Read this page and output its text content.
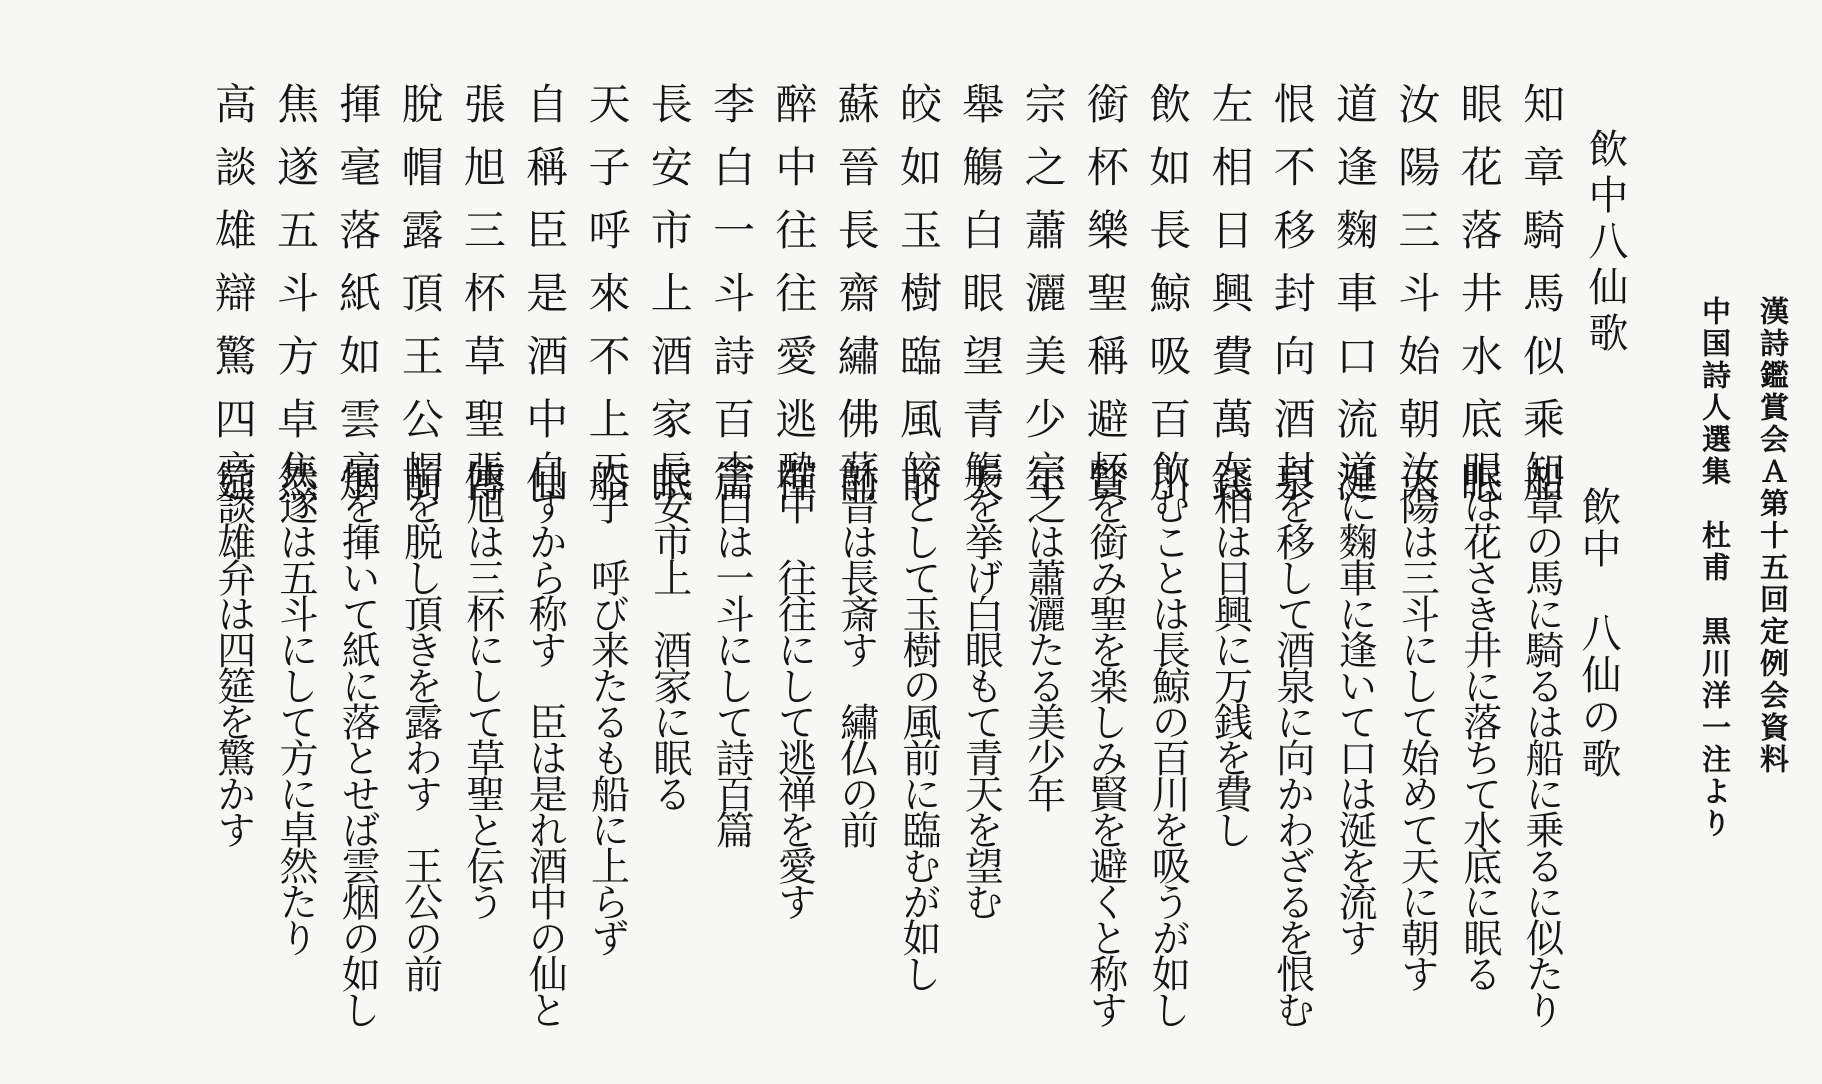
漢詩鑑賞会Ａ第十五回定例会資料
中国詩人選集　杜甫　黒川洋一注より
飲中八仙歌
飲中　八仙の歌
知章騎馬似乘船
眼花落井水底眠
汝陽三斗始朝天
道逢麴車口流涎
恨不移封向酒泉
左相日興費萬錢
飲如長鯨吸百川
銜杯樂聖稱避賢
宗之蕭灑美少年
舉觴白眼望青天
皎如玉樹臨風前
蘇晉長齋繡佛前
醉中往往愛逃禪
李白一斗詩百篇
長安市上酒家眠
天子呼來不上船
自稱臣是酒中仙
張旭三杯草聖傳
脫帽露頂王公前
揮毫落紙如雲烟
焦遂五斗方卓然
高談雄辯驚四筵
知章の馬に騎るは船に乗るに似たり
眼は花さき井に落ちて水底に眠る
汝陽は三斗にして始めて天に朝す
道に麴車に逢いて口は涎を流す
封を移して酒泉に向かわざるを恨む
左相は日興に万銭を費し
飲むことは長鯨の百川を吸うが如し
杯を銜み聖を楽しみ賢を避くと称す
宗之は蕭灑たる美少年
觴を挙げ白眼もて青天を望む
皎として玉樹の風前に臨むが如し
蘇晋は長斎す　繡仏の前
酔中　往往にして逃禅を愛す
李白は一斗にして詩百篇
長安市上　酒家に眠る
天子　呼び来たるも船に上らず
自ずから称す　臣は是れ酒中の仙と
張旭は三杯にして草聖と伝う
帽を脱し頂きを露わす　王公の前
毫を揮いて紙に落とせば雲烟の如し
焦遂は五斗にして方に卓然たり
高談雄弁は四筵を驚かす
